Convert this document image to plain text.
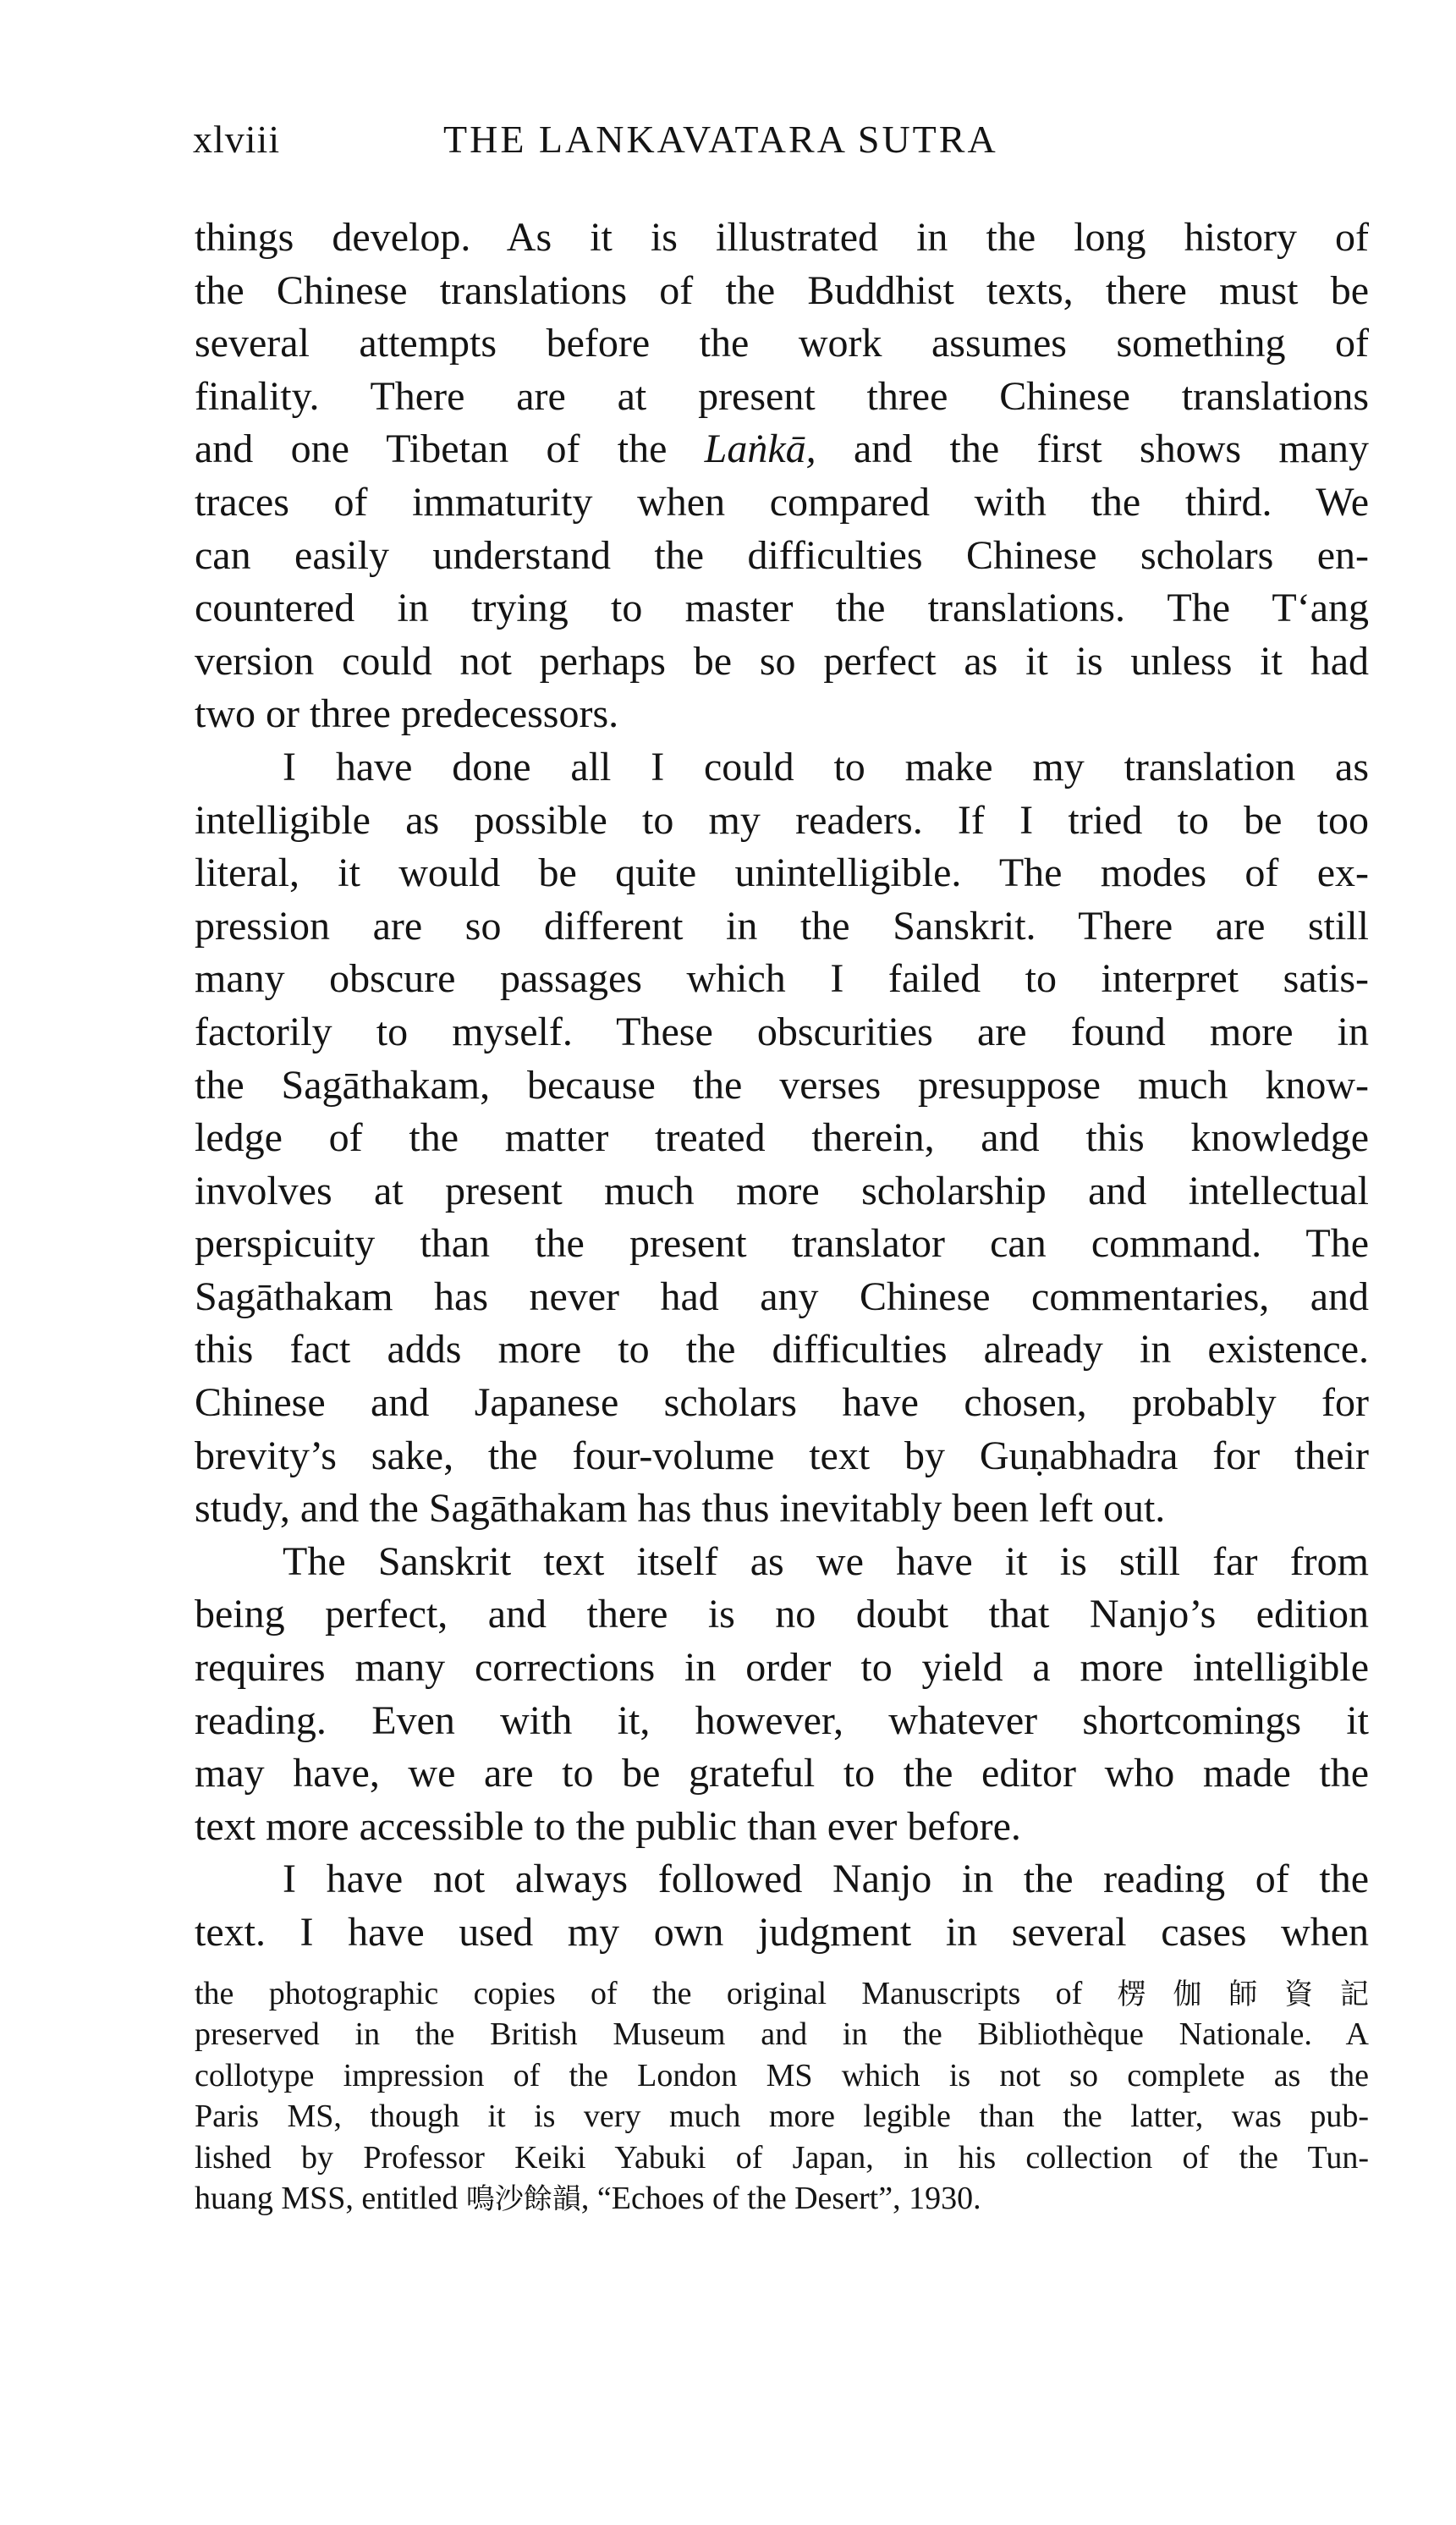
xlviii	THE LANKAVATARA SUTRA
things develop. As it is illustrated in the long history of
the Chinese translations of the Buddhist texts, there must be
several attempts before the work assumes something of
finality. There are at present three Chinese translations
and one Tibetan of the Laṅkā, and the first shows many
traces of immaturity when compared with the third. We
can easily understand the difficulties Chinese scholars en-
countered in trying to master the translations. The T‘ang
version could not perhaps be so perfect as it is unless it had
two or three predecessors.
I have done all I could to make my translation as
intelligible as possible to my readers. If I tried to be too
literal, it would be quite unintelligible. The modes of ex-
pression are so different in the Sanskrit. There are still
many obscure passages which I failed to interpret satis-
factorily to myself. These obscurities are found more in
the Sagāthakam, because the verses presuppose much know-
ledge of the matter treated therein, and this knowledge
involves at present much more scholarship and intellectual
perspicuity than the present translator can command. The
Sagāthakam has never had any Chinese commentaries, and
this fact adds more to the difficulties already in existence.
Chinese and Japanese scholars have chosen, probably for
brevity’s sake, the four-volume text by Guṇabhadra for their
study, and the Sagāthakam has thus inevitably been left out.
The Sanskrit text itself as we have it is still far from
being perfect, and there is no doubt that Nanjo’s edition
requires many corrections in order to yield a more intelligible
reading. Even with it, however, whatever shortcomings it
may have, we are to be grateful to the editor who made the
text more accessible to the public than ever before.
I have not always followed Nanjo in the reading of the
text. I have used my own judgment in several cases when
the photographic copies of the original Manuscripts of 楞伽師資記
preserved in the British Museum and in the Bibliothèque Nationale. A
collotype impression of the London MS which is not so complete as the
Paris MS, though it is very much more legible than the latter, was pub-
lished by Professor Keiki Yabuki of Japan, in his collection of the Tun-
huang MSS, entitled 鳴沙餘韻, “Echoes of the Desert”, 1930.
